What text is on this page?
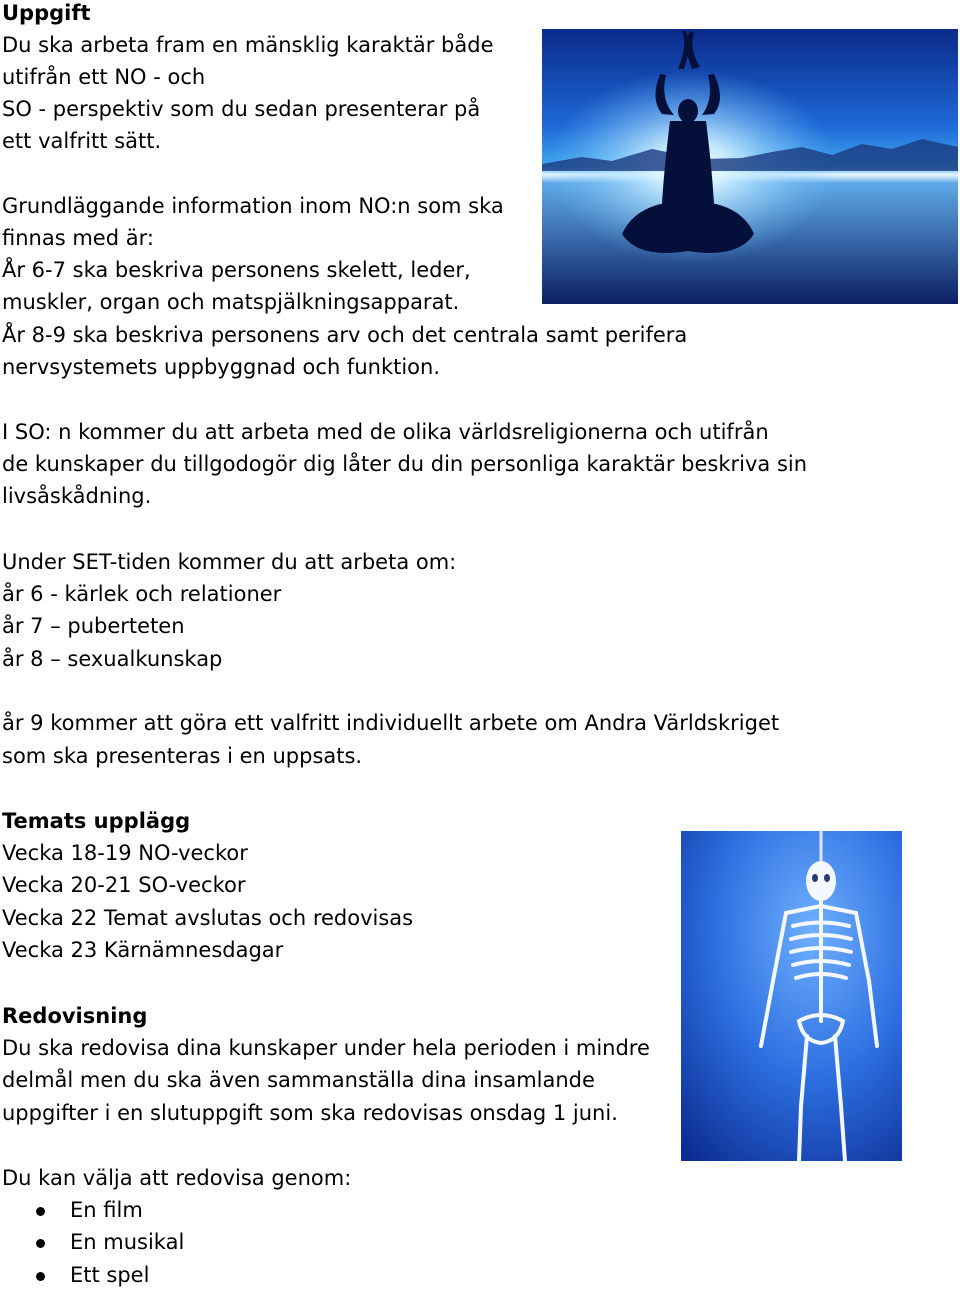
Uppgift
Du ska arbeta fram en mänsklig karaktär både
utifrån ett NO - och
SO - perspektiv som du sedan presenterar på
ett valfritt sätt.
Grundläggande information inom NO:n som ska
finnas med är:
År 6-7 ska beskriva personens skelett, leder,
muskler, organ och matspjälkningsapparat.
År 8-9 ska beskriva personens arv och det centrala samt perifera
nervsystemets uppbyggnad och funktion.
I SO: n kommer du att arbeta med de olika världsreligionerna och utifrån
de kunskaper du tillgodogör dig låter du din personliga karaktär beskriva sin
livsåskådning.
Under SET-tiden kommer du att arbeta om:
år 6 - kärlek och relationer
år 7 – puberteten
år 8 – sexualkunskap
år 9 kommer att göra ett valfritt individuellt arbete om Andra Världskriget
som ska presenteras i en uppsats.
Temats upplägg
Vecka 18-19 NO-veckor
Vecka 20-21 SO-veckor
Vecka 22 Temat avslutas och redovisas
Vecka 23 Kärnämnesdagar
Redovisning
Du ska redovisa dina kunskaper under hela perioden i mindre
delmål men du ska även sammanställa dina insamlande
uppgifter i en slutuppgift som ska redovisas onsdag 1 juni.
Du kan välja att redovisa genom:
En film
En musikal
Ett spel
